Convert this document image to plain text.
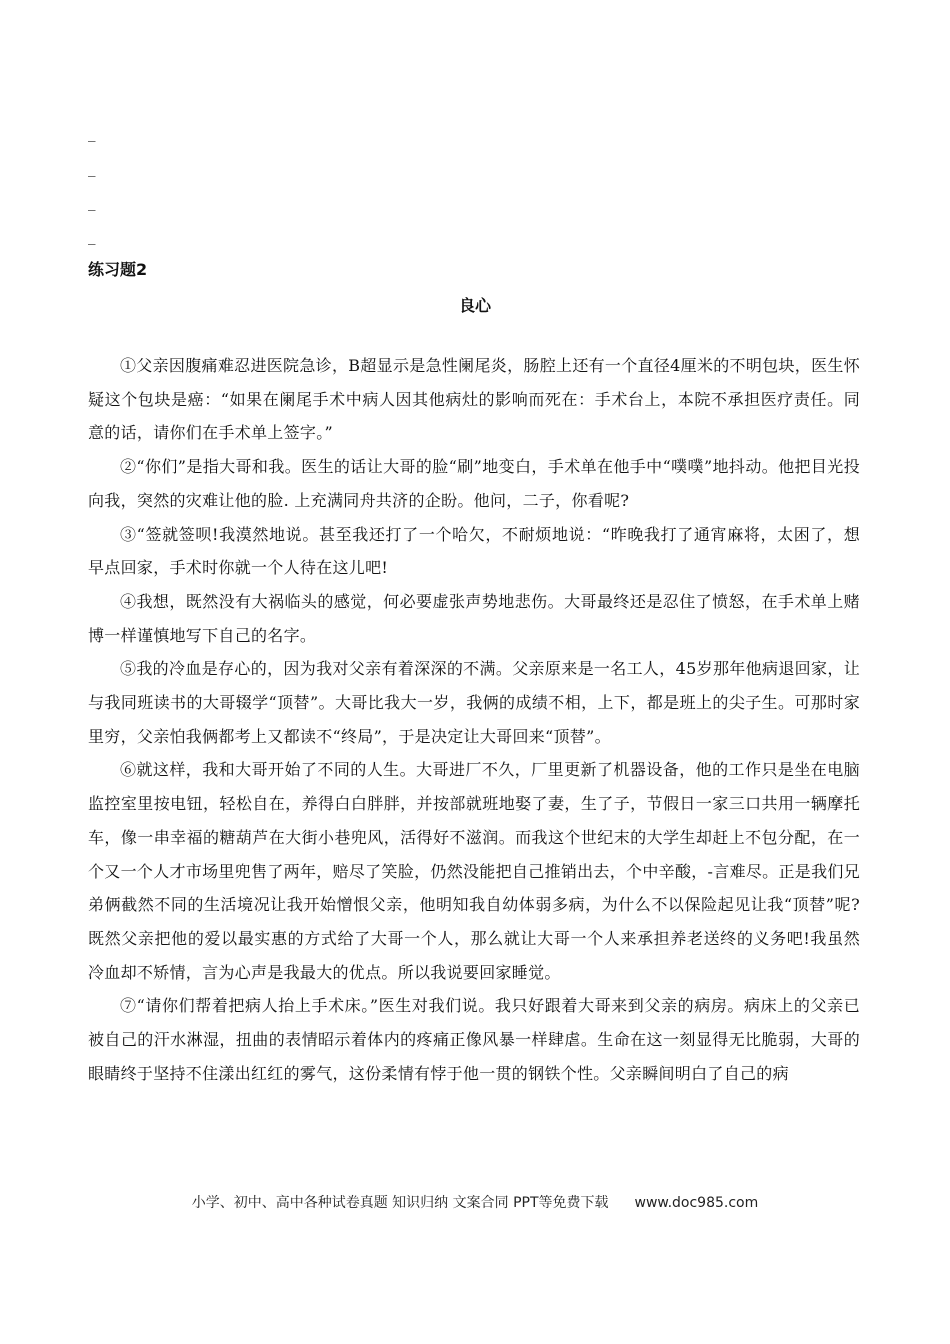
_
_
_
_
练习题2
良心

①父亲因腹痛难忍进医院急诊，B超显示是急性阑尾炎，肠腔上还有一个直径4厘米的不明包块，医生怀疑这个包块是癌：“如果在阑尾手术中病人因其他病灶的影响而死在：手术台上，本院不承担医疗责任。同意的话，请你们在手术单上签字。”

②“你们”是指大哥和我。医生的话让大哥的脸“刷”地变白，手术单在他手中“噗噗”地抖动。他把目光投向我，突然的灾难让他的脸. 上充满同舟共济的企盼。他问，二子，你看呢?

③“签就签呗!我漠然地说。甚至我还打了一个哈欠，不耐烦地说：“昨晚我打了通宵麻将，太困了，想早点回家，手术时你就一个人待在这儿吧!

④我想，既然没有大祸临头的感觉，何必要虚张声势地悲伤。大哥最终还是忍住了愤怒，在手术单上赌博一样谨慎地写下自己的名字。

⑤我的冷血是存心的，因为我对父亲有着深深的不满。父亲原来是一名工人，45岁那年他病退回家，让与我同班读书的大哥辍学“顶替”。大哥比我大一岁，我俩的成绩不相，上下，都是班上的尖子生。可那时家里穷，父亲怕我俩都考上又都读不“终局”，于是决定让大哥回来“顶替”。

⑥就这样，我和大哥开始了不同的人生。大哥进厂不久，厂里更新了机器设备，他的工作只是坐在电脑监控室里按电钮，轻松自在，养得白白胖胖，并按部就班地娶了妻，生了子，节假日一家三口共用一辆摩托车，像一串幸福的糖葫芦在大街小巷兜风，活得好不滋润。而我这个世纪末的大学生却赶上不包分配，在一个又一个人才市场里兜售了两年，赔尽了笑脸，仍然没能把自己推销出去，个中辛酸，-言难尽。正是我们兄弟俩截然不同的生活境况让我开始憎恨父亲，他明知我自幼体弱多病，为什么不以保险起见让我“顶替”呢?既然父亲把他的爱以最实惠的方式给了大哥一个人，那么就让大哥一个人来承担养老送终的义务吧!我虽然冷血却不矫情，言为心声是我最大的优点。所以我说要回家睡觉。

⑦“请你们帮着把病人抬上手术床。”医生对我们说。我只好跟着大哥来到父亲的病房。病床上的父亲已被自己的汗水淋湿，扭曲的表情昭示着体内的疼痛正像风暴一样肆虐。生命在这一刻显得无比脆弱，大哥的眼睛终于坚持不住漾出红红的雾气，这份柔情有悖于他一贯的钢铁个性。父亲瞬间明白了自己的病

小学、初中、高中各种试卷真题 知识归纳 文案合同 PPT等免费下载 www.doc985.com
